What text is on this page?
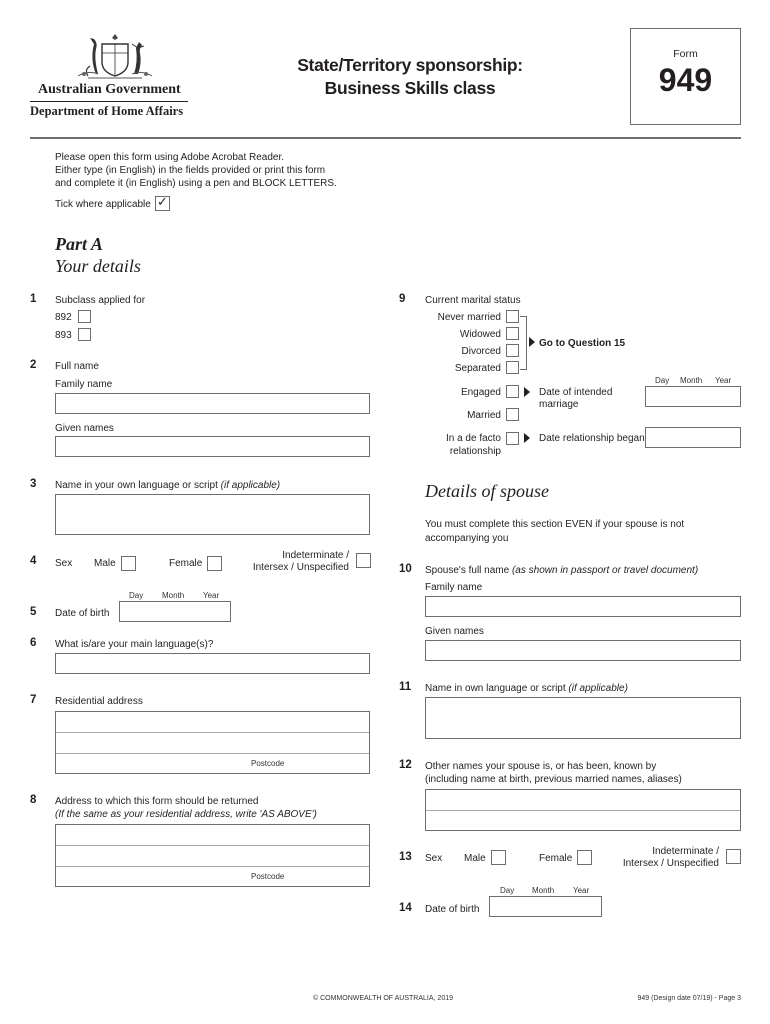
Australian Government
Department of Home Affairs
State/Territory sponsorship:
Business Skills class
Form
949
Please open this form using Adobe Acrobat Reader.
Either type (in English) in the fields provided or print this form
and complete it (in English) using a pen and BLOCK LETTERS.
Tick where applicable ✓
Part A
Your details
1 Subclass applied for
892
893
2 Full name
Family name
Given names
3 Name in your own language or script (if applicable)
4 Sex Male	Female
Indeterminate /
Intersex / Unspecified
Day Month Year
5 Date of birth
6 What is/are your main language(s)?
7 Residential address
Postcode
8 Address to which this form should be returned
(If the same as your residential address, write 'AS ABOVE')
Postcode
9 Current marital status
Never married
Widowed
Divorced
Separated
Go to Question 15
Day Month Year
Engaged	Date of intended
marriage
Married
In a de facto
relationship
Date relationship began
Details of spouse
You must complete this section EVEN if your spouse is not
accompanying you
10 Spouse's full name (as shown in passport or travel document)
Family name
Given names
11 Name in own language or script (if applicable)
12 Other names your spouse is, or has been, known by
(including name at birth, previous married names, aliases)
13 Sex Male	Female
Indeterminate /
Intersex / Unspecified
Day Month Year
14 Date of birth
© COMMONWEALTH OF AUSTRALIA, 2019	949 (Design date 07/19) - Page 3
